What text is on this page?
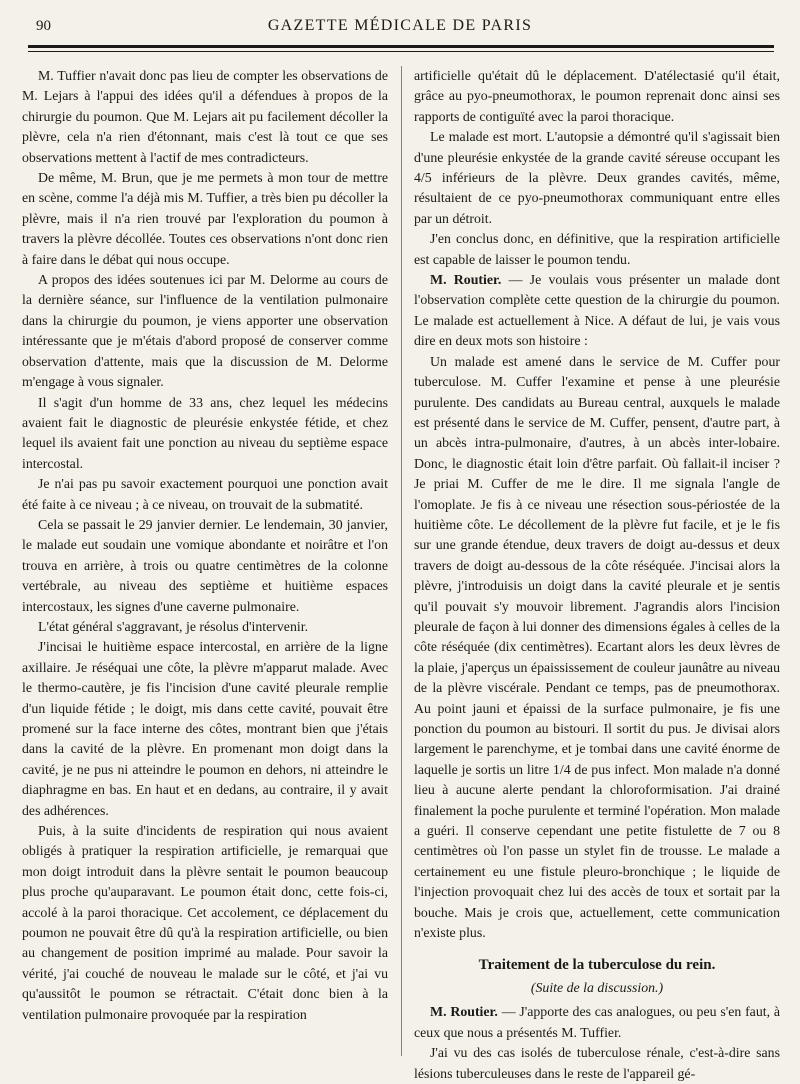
90	GAZETTE MÉDICALE DE PARIS

M. Tuffier n'avait donc pas lieu de compter les observations de M. Lejars à l'appui des idées qu'il a défendues à propos de la chirurgie du poumon. Que M. Lejars ait pu facilement décoller la plèvre, cela n'a rien d'étonnant, mais c'est là tout ce que ses observations mettent à l'actif de mes contradicteurs.

De même, M. Brun, que je me permets à mon tour de mettre en scène, comme l'a déjà mis M. Tuffier, a très bien pu décoller la plèvre, mais il n'a rien trouvé par l'exploration du poumon à travers la plèvre décollée. Toutes ces observations n'ont donc rien à faire dans le débat qui nous occupe.

A propos des idées soutenues ici par M. Delorme au cours de la dernière séance, sur l'influence de la ventilation pulmonaire dans la chirurgie du poumon, je viens apporter une observation intéressante que je m'étais d'abord proposé de conserver comme observation d'attente, mais que la discussion de M. Delorme m'engage à vous signaler.

Il s'agit d'un homme de 33 ans, chez lequel les médecins avaient fait le diagnostic de pleurésie enkystée fétide, et chez lequel ils avaient fait une ponction au niveau du septième espace intercostal.

Je n'ai pas pu savoir exactement pourquoi une ponction avait été faite à ce niveau ; à ce niveau, on trouvait de la submatité.

Cela se passait le 29 janvier dernier. Le lendemain, 30 janvier, le malade eut soudain une vomique abondante et noirâtre et l'on trouva en arrière, à trois ou quatre centimètres de la colonne vertébrale, au niveau des septième et huitième espaces intercostaux, les signes d'une caverne pulmonaire.

L'état général s'aggravant, je résolus d'intervenir.

J'incisai le huitième espace intercostal, en arrière de la ligne axillaire. Je réséquai une côte, la plèvre m'apparut malade. Avec le thermo-cautère, je fis l'incision d'une cavité pleurale remplie d'un liquide fétide ; le doigt, mis dans cette cavité, pouvait être promené sur la face interne des côtes, montrant bien que j'étais dans la cavité de la plèvre. En promenant mon doigt dans la cavité, je ne pus ni atteindre le poumon en dehors, ni atteindre le diaphragme en bas. En haut et en dedans, au contraire, il y avait des adhérences.

Puis, à la suite d'incidents de respiration qui nous avaient obligés à pratiquer la respiration artificielle, je remarquai que mon doigt introduit dans la plèvre sentait le poumon beaucoup plus proche qu'auparavant. Le poumon était donc, cette fois-ci, accolé à la paroi thoracique. Cet accolement, ce déplacement du poumon ne pouvait être dû qu'à la respiration artificielle, ou bien au changement de position imprimé au malade. Pour savoir la vérité, j'ai couché de nouveau le malade sur le côté, et j'ai vu qu'aussitôt le poumon se rétractait. C'était donc bien à la ventilation pulmonaire provoquée par la respiration

artificielle qu'était dû le déplacement. D'atélectasié qu'il était, grâce au pyo-pneumothorax, le poumon reprenait donc ainsi ses rapports de contiguïté avec la paroi thoracique.

Le malade est mort. L'autopsie a démontré qu'il s'agissait bien d'une pleurésie enkystée de la grande cavité séreuse occupant les 4/5 inférieurs de la plèvre. Deux grandes cavités, même, résultaient de ce pyo-pneumothorax communiquant entre elles par un détroit.

J'en conclus donc, en définitive, que la respiration artificielle est capable de laisser le poumon tendu.

M. Routier. — Je voulais vous présenter un malade dont l'observation complète cette question de la chirurgie du poumon. Le malade est actuellement à Nice. A défaut de lui, je vais vous dire en deux mots son histoire :

Un malade est amené dans le service de M. Cuffer pour tuberculose. M. Cuffer l'examine et pense à une pleurésie purulente. Des candidats au Bureau central, auxquels le malade est présenté dans le service de M. Cuffer, pensent, d'autre part, à un abcès intra-pulmonaire, d'autres, à un abcès inter-lobaire. Donc, le diagnostic était loin d'être parfait. Où fallait-il inciser ? Je priai M. Cuffer de me le dire. Il me signala l'angle de l'omoplate. Je fis à ce niveau une résection sous-périostée de la huitième côte. Le décollement de la plèvre fut facile, et je le fis sur une grande étendue, deux travers de doigt au-dessus et deux travers de doigt au-dessous de la côte réséquée. J'incisai alors la plèvre, j'introduisis un doigt dans la cavité pleurale et je sentis qu'il pouvait s'y mouvoir librement. J'agrandis alors l'incision pleurale de façon à lui donner des dimensions égales à celles de la côte réséquée (dix centimètres). Ecartant alors les deux lèvres de la plaie, j'aperçus un épaississement de couleur jaunâtre au niveau de la plèvre viscérale. Pendant ce temps, pas de pneumothorax. Au point jauni et épaissi de la surface pulmonaire, je fis une ponction du poumon au bistouri. Il sortit du pus. Je divisai alors largement le parenchyme, et je tombai dans une cavité énorme de laquelle je sortis un litre 1/4 de pus infect. Mon malade n'a donné lieu à aucune alerte pendant la chloroformisation. J'ai drainé finalement la poche purulente et terminé l'opération. Mon malade a guéri. Il conserve cependant une petite fistulette de 7 ou 8 centimètres où l'on passe un stylet fin de trousse. Le malade a certainement eu une fistule pleuro-bronchique ; le liquide de l'injection provoquait chez lui des accès de toux et sortait par la bouche. Mais je crois que, actuellement, cette communication n'existe plus.

Traitement de la tuberculose du rein.
(Suite de la discussion.)

M. Routier. — J'apporte des cas analogues, ou peu s'en faut, à ceux que nous a présentés M. Tuffier.

J'ai vu des cas isolés de tuberculose rénale, c'est-à-dire sans lésions tuberculeuses dans le reste de l'appareil gé-
